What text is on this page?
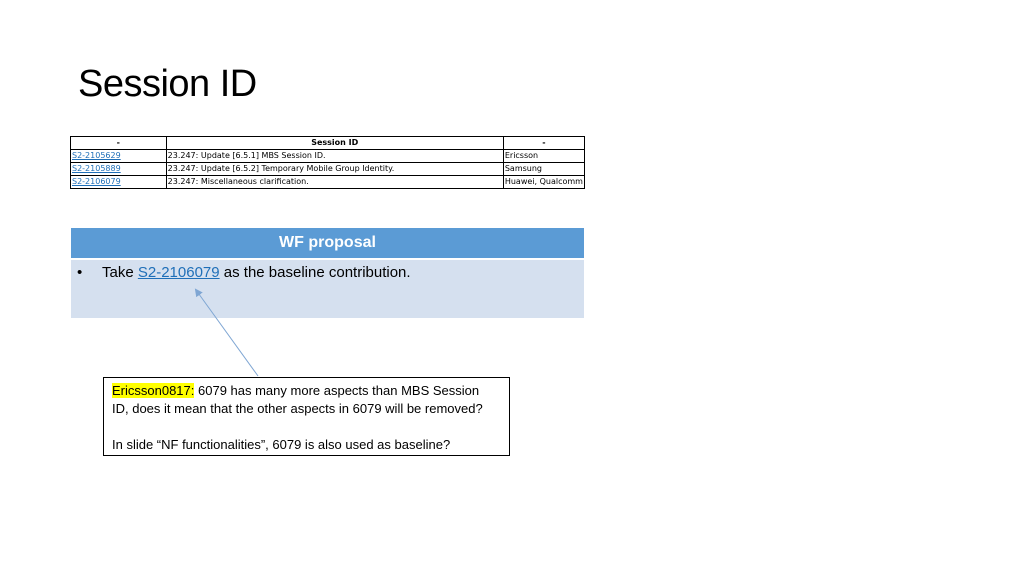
Session ID
-	Session ID	-
S2-2105629	23.247: Update [6.5.1] MBS Session ID.	Ericsson
S2-2105889	23.247: Update [6.5.2] Temporary Mobile Group Identity.	Samsung
S2-2106079	23.247: Miscellaneous clarification.	Huawei, Qualcomm
WF proposal
• Take S2-2106079 as the baseline contribution.

Ericsson0817: 6079 has many more aspects than MBS Session

ID, does it mean that the other aspects in 6079 will be removed?

In slide “NF functionalities”, 6079 is also used as baseline?
